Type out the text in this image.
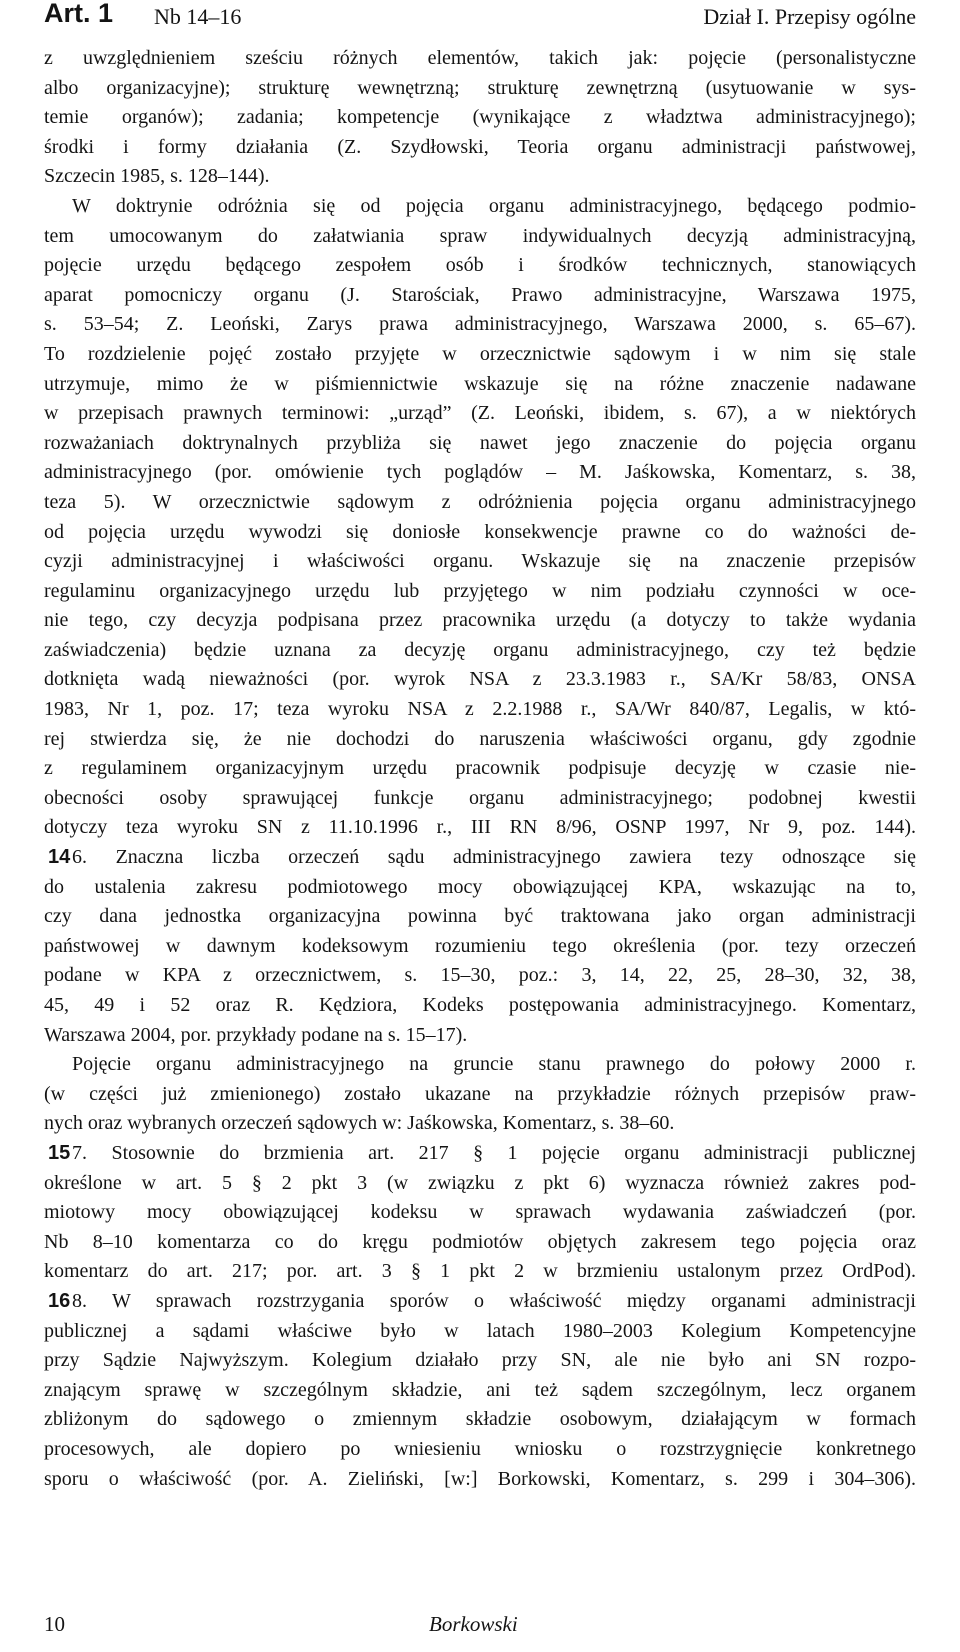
Art. 1 Nb 14–16	Dział I. Przepisy ogólne
14
15
16
z uwzględnieniem sześciu różnych elementów, takich jak: pojęcie (personalistyczne
albo organizacyjne); strukturę wewnętrzną; strukturę zewnętrzną (usytuowanie w sys-
temie organów); zadania; kompetencje (wynikające z władztwa administracyjnego);
środki i formy działania (Z. Szydłowski, Teoria organu administracji państwowej,
Szczecin 1985, s. 128–144).
W doktrynie odróżnia się od pojęcia organu administracyjnego, będącego podmio-
tem umocowanym do załatwiania spraw indywidualnych decyzją administracyjną,
pojęcie urzędu będącego zespołem osób i środków technicznych, stanowiących
aparat pomocniczy organu (J. Starościak, Prawo administracyjne, Warszawa 1975,
s. 53–54; Z. Leoński, Zarys prawa administracyjnego, Warszawa 2000, s. 65–67).
To rozdzielenie pojęć zostało przyjęte w orzecznictwie sądowym i w nim się stale
utrzymuje, mimo że w piśmiennictwie wskazuje się na różne znaczenie nadawane
w przepisach prawnych terminowi: „urząd” (Z. Leoński, ibidem, s. 67), a w niektórych
rozważaniach doktrynalnych przybliża się nawet jego znaczenie do pojęcia organu
administracyjnego (por. omówienie tych poglądów – M. Jaśkowska, Komentarz, s. 38,
teza 5). W orzecznictwie sądowym z odróżnienia pojęcia organu administracyjnego
od pojęcia urzędu wywodzi się doniosłe konsekwencje prawne co do ważności de-
cyzji administracyjnej i właściwości organu. Wskazuje się na znaczenie przepisów
regulaminu organizacyjnego urzędu lub przyjętego w nim podziału czynności w oce-
nie tego, czy decyzja podpisana przez pracownika urzędu (a dotyczy to także wydania
zaświadczenia) będzie uznana za decyzję organu administracyjnego, czy też będzie
dotknięta wadą nieważności (por. wyrok NSA z 23.3.1983 r., SA/Kr 58/83, ONSA
1983, Nr 1, poz. 17; teza wyroku NSA z 2.2.1988 r., SA/Wr 840/87, Legalis, w któ-
rej stwierdza się, że nie dochodzi do naruszenia właściwości organu, gdy zgodnie
z regulaminem organizacyjnym urzędu pracownik podpisuje decyzję w czasie nie-
obecności osoby sprawującej funkcje organu administracyjnego; podobnej kwestii
dotyczy teza wyroku SN z 11.10.1996 r., III RN 8/96, OSNP 1997, Nr 9, poz. 144).
6. Znaczna liczba orzeczeń sądu administracyjnego zawiera tezy odnoszące się
do ustalenia zakresu podmiotowego mocy obowiązującej KPA, wskazując na to,
czy dana jednostka organizacyjna powinna być traktowana jako organ administracji
państwowej w dawnym kodeksowym rozumieniu tego określenia (por. tezy orzeczeń
podane w KPA z orzecznictwem, s. 15–30, poz.: 3, 14, 22, 25, 28–30, 32, 38,
45, 49 i 52 oraz R. Kędziora, Kodeks postępowania administracyjnego. Komentarz,
Warszawa 2004, por. przykłady podane na s. 15–17).
Pojęcie organu administracyjnego na gruncie stanu prawnego do połowy 2000 r.
(w części już zmienionego) zostało ukazane na przykładzie różnych przepisów praw-
nych oraz wybranych orzeczeń sądowych w: Jaśkowska, Komentarz, s. 38–60.
7. Stosownie do brzmienia art. 217 § 1 pojęcie organu administracji publicznej
określone w art. 5 § 2 pkt 3 (w związku z pkt 6) wyznacza również zakres pod-
miotowy mocy obowiązującej kodeksu w sprawach wydawania zaświadczeń (por.
Nb 8–10 komentarza co do kręgu podmiotów objętych zakresem tego pojęcia oraz
komentarz do art. 217; por. art. 3 § 1 pkt 2 w brzmieniu ustalonym przez OrdPod).
8. W sprawach rozstrzygania sporów o właściwość między organami administracji
publicznej a sądami właściwe było w latach 1980–2003 Kolegium Kompetencyjne
przy Sądzie Najwyższym. Kolegium działało przy SN, ale nie było ani SN rozpo-
znającym sprawę w szczególnym składzie, ani też sądem szczególnym, lecz organem
zbliżonym do sądowego o zmiennym składzie osobowym, działającym w formach
procesowych, ale dopiero po wniesieniu wniosku o rozstrzygnięcie konkretnego
sporu o właściwość (por. A. Zieliński, [w:] Borkowski, Komentarz, s. 299 i 304–306).
10	Borkowski
